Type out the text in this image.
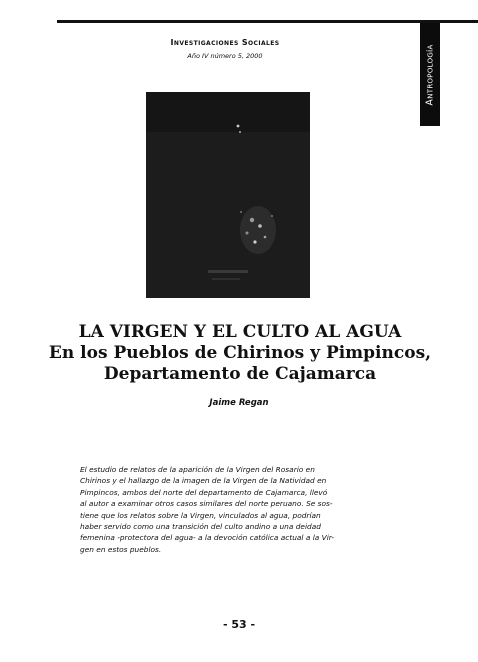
Antropología
Investigaciones Sociales
Año IV número 5, 2000
LA VIRGEN Y EL CULTO AL AGUA
En los Pueblos de Chirinos y Pimpincos,
Departamento de Cajamarca
Jaime Regan
El estudio de relatos de la aparición de la Virgen del Rosario en
Chirinos y el hallazgo de la imagen de la Virgen de la Natividad en
Pimpincos, ambos del norte del departamento de Cajamarca, llevó
al autor a examinar otros casos similares del norte peruano. Se sos-
tiene que los relatos sobre la Virgen, vinculados al agua, podrían
haber servido como una transición del culto andino a una deidad
femenina -protectora del agua- a la devoción católica actual a la Vir-
gen en estos pueblos.
- 53 -
